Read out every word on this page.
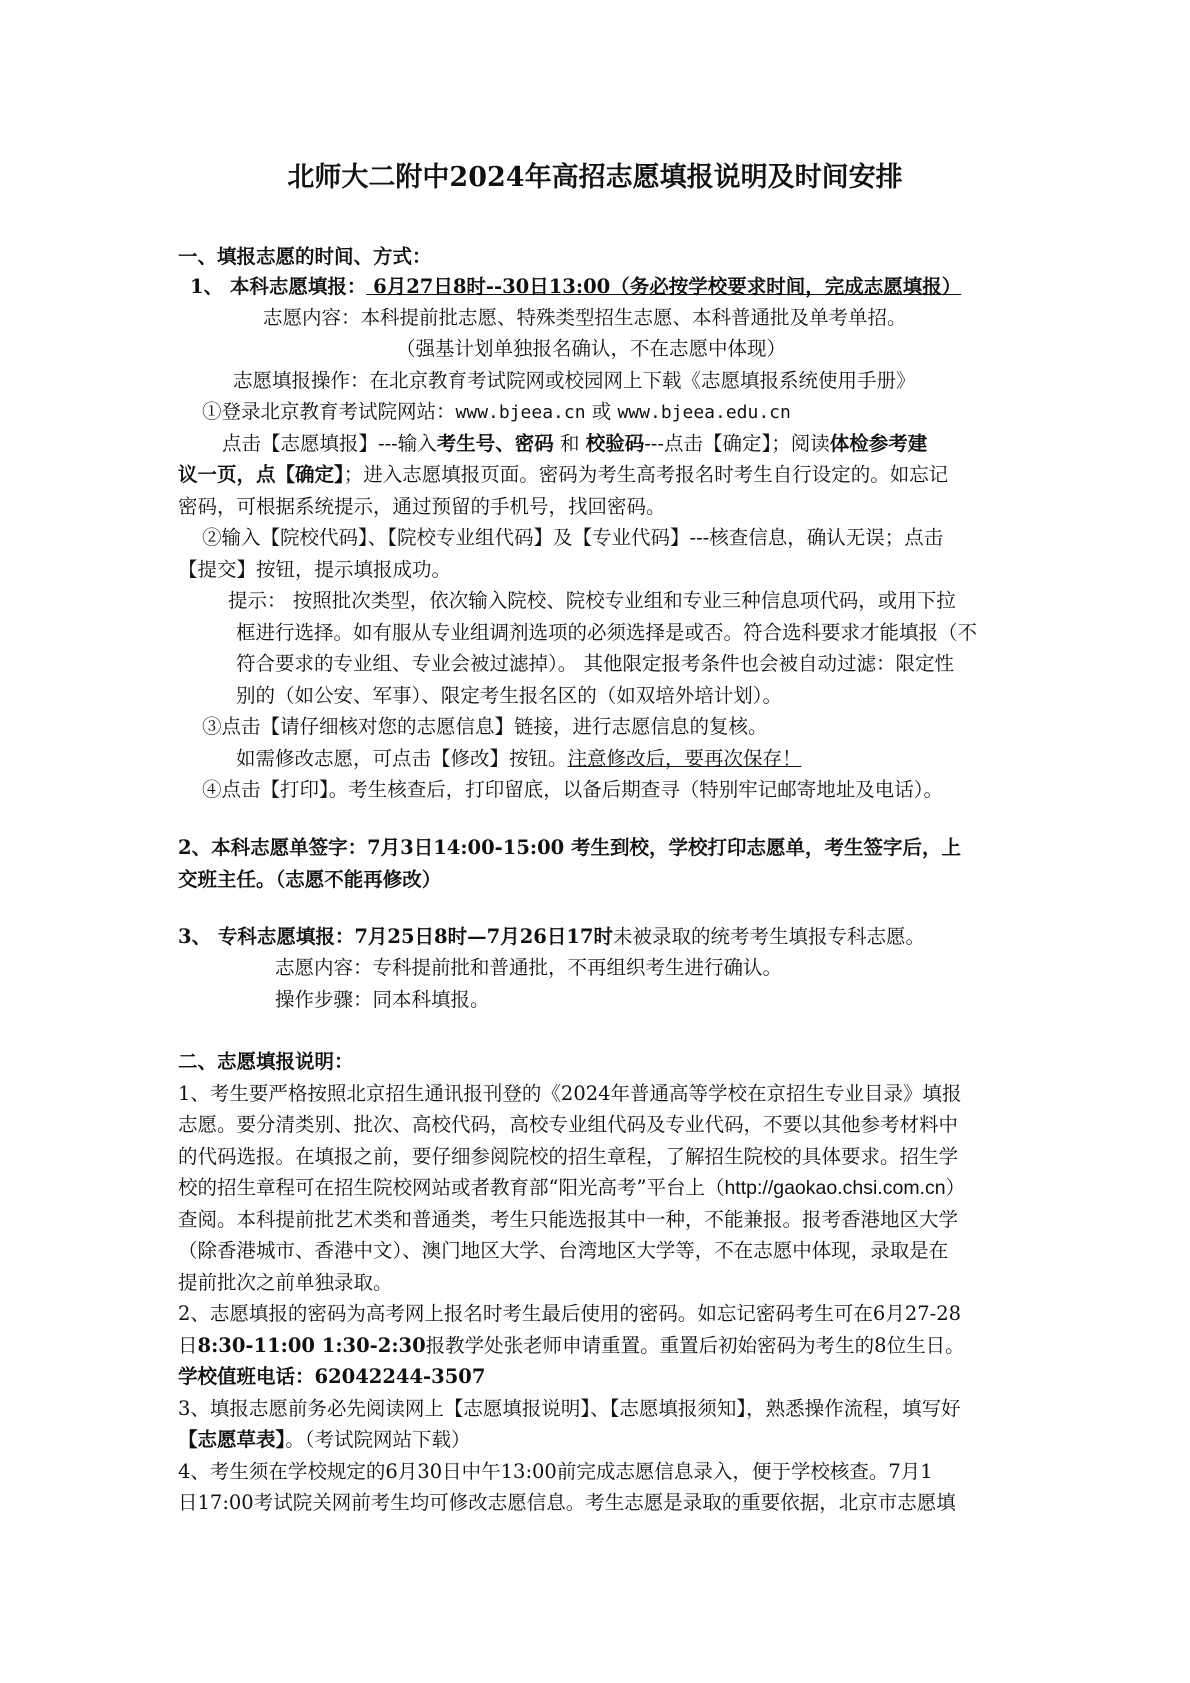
北师大二附中2024年高招志愿填报说明及时间安排
一、填报志愿的时间、方式：
1、 本科志愿填报： 6月27日8时--30日13:00（务必按学校要求时间，完成志愿填报）
志愿内容：本科提前批志愿、特殊类型招生志愿、本科普通批及单考单招。
（强基计划单独报名确认，不在志愿中体现）
志愿填报操作：在北京教育考试院网或校园网上下载《志愿填报系统使用手册》
①登录北京教育考试院网站：www.bjeea.cn 或 www.bjeea.edu.cn
点击【志愿填报】---输入考生号、密码 和 校验码---点击【确定】；阅读体检参考建
议一页，点【确定】；进入志愿填报页面。密码为考生高考报名时考生自行设定的。如忘记
密码，可根据系统提示，通过预留的手机号，找回密码。
②输入【院校代码】、【院校专业组代码】及【专业代码】---核查信息，确认无误；点击
【提交】按钮，提示填报成功。
提示： 按照批次类型，依次输入院校、院校专业组和专业三种信息项代码，或用下拉
框进行选择。如有服从专业组调剂选项的必须选择是或否。符合选科要求才能填报（不
符合要求的专业组、专业会被过滤掉）。 其他限定报考条件也会被自动过滤：限定性
别的（如公安、军事）、限定考生报名区的（如双培外培计划）。
③点击【请仔细核对您的志愿信息】链接，进行志愿信息的复核。
如需修改志愿，可点击【修改】按钮。注意修改后，要再次保存！
④点击【打印】。考生核查后，打印留底，以备后期查寻（特别牢记邮寄地址及电话）。
2、本科志愿单签字：7月3日14:00-15:00 考生到校，学校打印志愿单，考生签字后，上
交班主任。（志愿不能再修改）
3、 专科志愿填报：7月25日8时—7月26日17时未被录取的统考考生填报专科志愿。
志愿内容：专科提前批和普通批，不再组织考生进行确认。
操作步骤：同本科填报。
二、志愿填报说明：
1、考生要严格按照北京招生通讯报刊登的《2024年普通高等学校在京招生专业目录》填报
志愿。要分清类别、批次、高校代码，高校专业组代码及专业代码，不要以其他参考材料中
的代码选报。在填报之前，要仔细参阅院校的招生章程，了解招生院校的具体要求。招生学
校的招生章程可在招生院校网站或者教育部“阳光高考”平台上（http://gaokao.chsi.com.cn）
查阅。本科提前批艺术类和普通类，考生只能选报其中一种，不能兼报。报考香港地区大学
（除香港城市、香港中文）、澳门地区大学、台湾地区大学等，不在志愿中体现，录取是在
提前批次之前单独录取。
2、志愿填报的密码为高考网上报名时考生最后使用的密码。如忘记密码考生可在6月27-28
日8:30-11:00 1:30-2:30报教学处张老师申请重置。重置后初始密码为考生的8位生日。
学校值班电话：62042244-3507
3、填报志愿前务必先阅读网上【志愿填报说明】、【志愿填报须知】，熟悉操作流程，填写好
【志愿草表】。（考试院网站下载）
4、考生须在学校规定的6月30日中午13:00前完成志愿信息录入，便于学校核查。7月1
日17:00考试院关网前考生均可修改志愿信息。考生志愿是录取的重要依据，北京市志愿填
